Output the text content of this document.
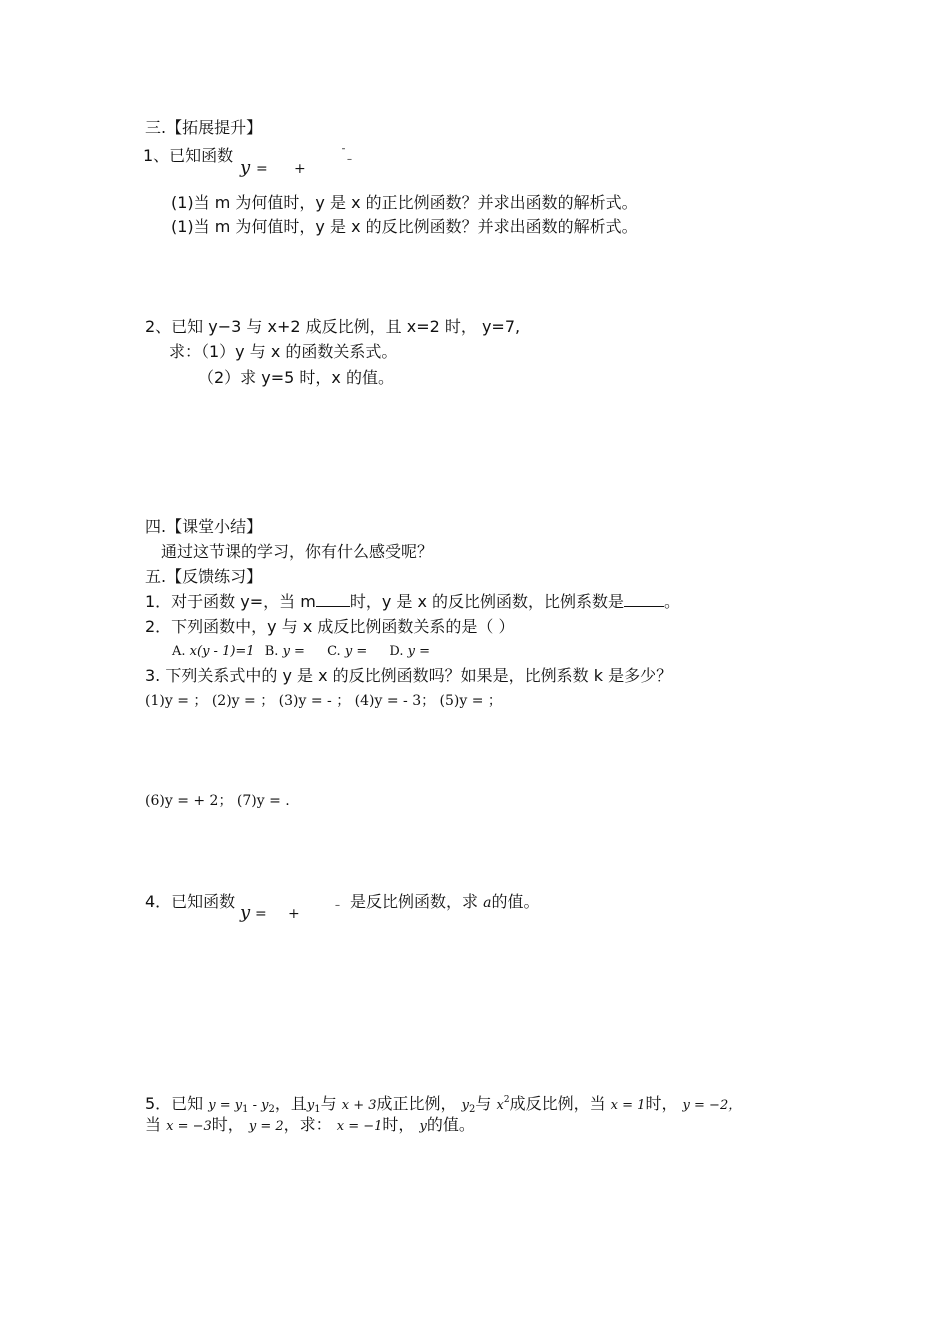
三.【拓展提升】
1、已知函数
y = +
ˉ
–
(1)当 m 为何值时，y 是 x 的正比例函数？并求出函数的解析式。
(1)当 m 为何值时，y 是 x 的反比例函数？并求出函数的解析式。
2、已知 y−3 与 x+2 成反比例，且 x=2 时， y=7,
求：（1）y 与 x 的函数关系式。
（2）求 y=5 时，x 的值。
四.【课堂小结】
通过这节课的学习，你有什么感受呢？
五.【反馈练习】
1．对于函数 y=，当 m 时，y 是 x 的反比例函数，比例系数是	。
2．下列函数中，y 与 x 成反比例函数关系的是（ ）
A. x(y - 1)=1 B. y = C. y = D. y =
3. 下列关系式中的 y 是 x 的反比例函数吗？如果是，比例系数 k 是多少？
(1)y = ； (2)y = ； (3)y = - ； (4)y = - 3； (5)y = ；
(6)y = + 2； (7)y = .
4．已知函数
y = +
– 是反比例函数，求 a的值。
5．已知 $y = y_1 - y_2$，且$y_1$与 x + 3成正比例， $y_2$与 $x^2$成反比例，当 x = 1时， y = −2，
当 x = −3时， y = 2，求： x = −1时， y的值。
